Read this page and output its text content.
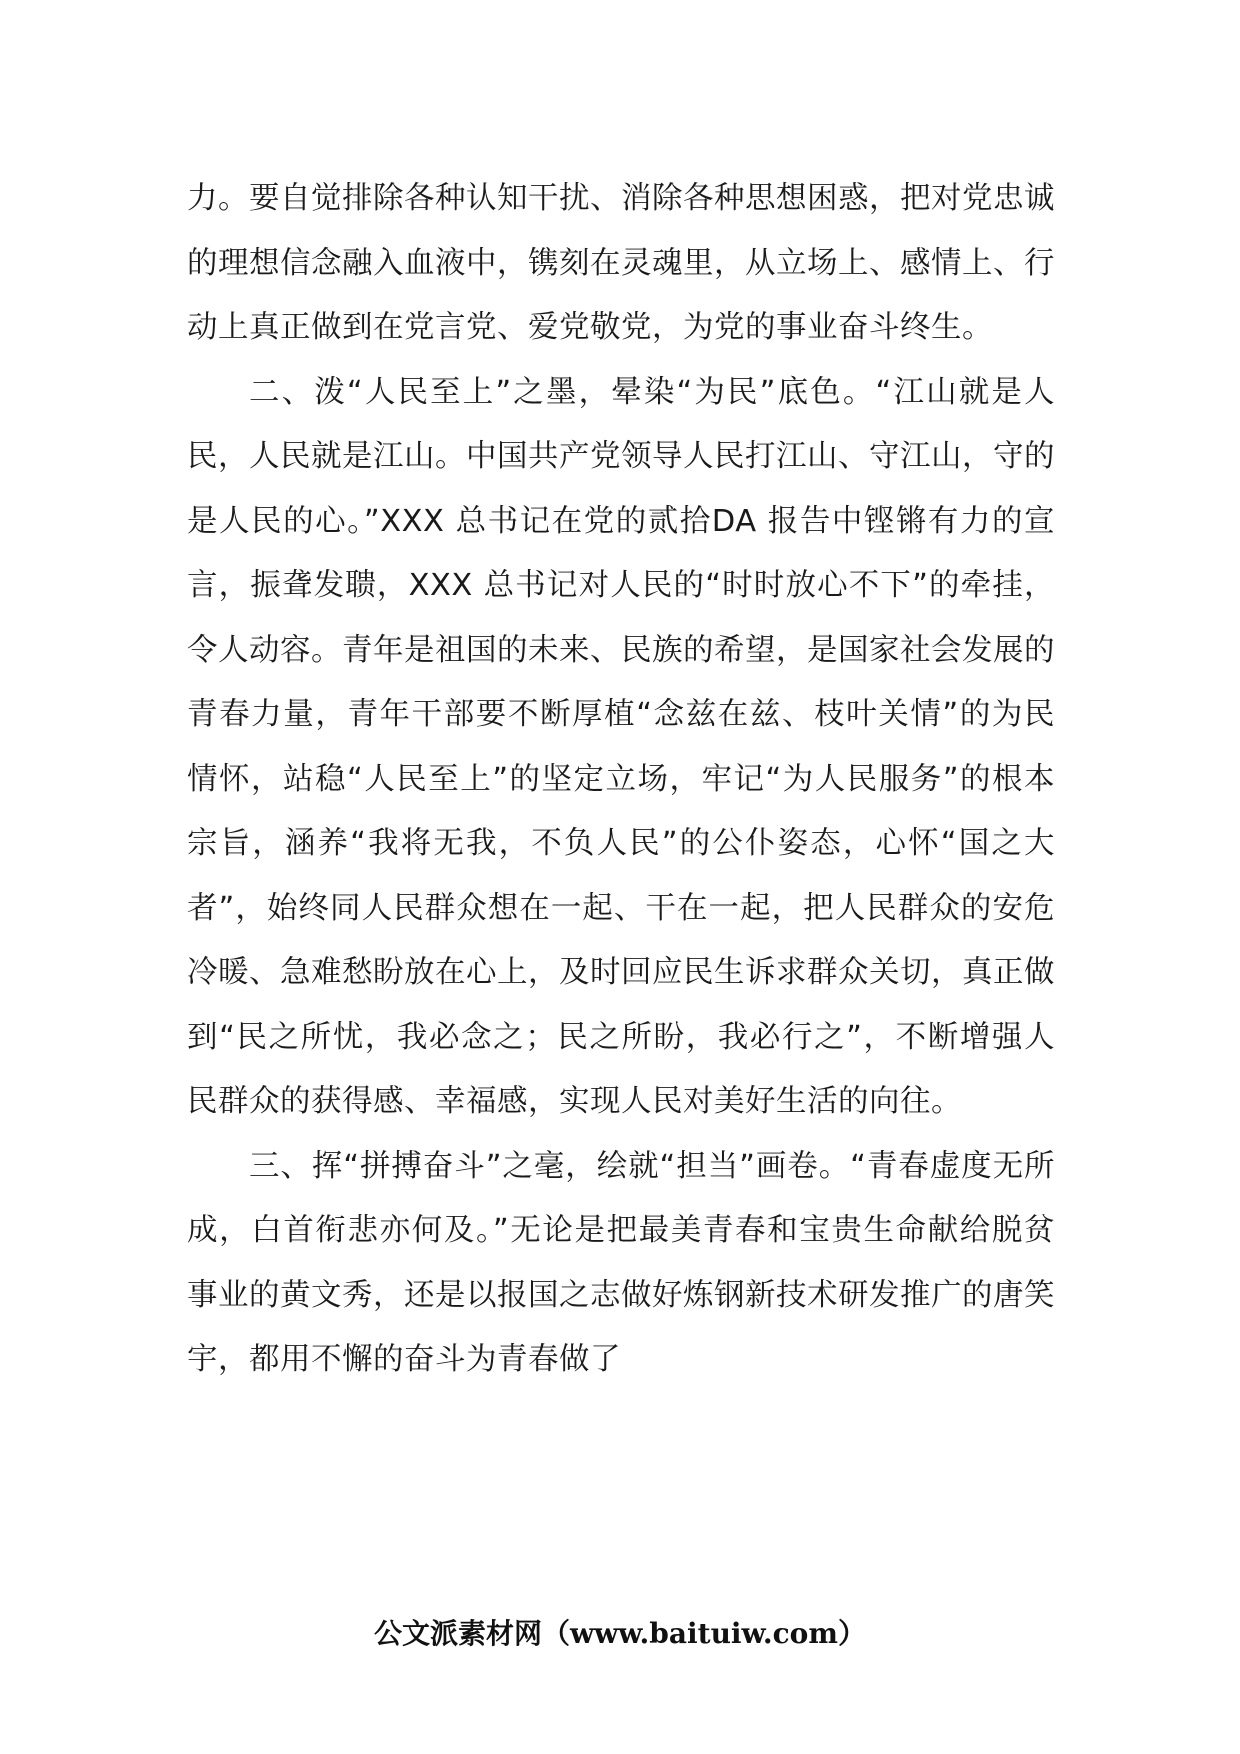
力。要自觉排除各种认知干扰、消除各种思想困惑，把对党忠诚的理想信念融入血液中，镌刻在灵魂里，从立场上、感情上、行动上真正做到在党言党、爱党敬党，为党的事业奋斗终生。

二、泼“人民至上”之墨，晕染“为民”底色。“江山就是人民，人民就是江山。中国共产党领导人民打江山、守江山，守的是人民的心。”XXX 总书记在党的贰拾DA 报告中铿锵有力的宣言，振聋发聩，XXX 总书记对人民的“时时放心不下”的牵挂，令人动容。青年是祖国的未来、民族的希望，是国家社会发展的青春力量，青年干部要不断厚植“念兹在兹、枝叶关情”的为民情怀，站稳“人民至上”的坚定立场，牢记“为人民服务”的根本宗旨，涵养“我将无我，不负人民”的公仆姿态，心怀“国之大者”，始终同人民群众想在一起、干在一起，把人民群众的安危冷暖、急难愁盼放在心上，及时回应民生诉求群众关切，真正做到“民之所忧，我必念之；民之所盼，我必行之”，不断增强人民群众的获得感、幸福感，实现人民对美好生活的向往。

三、挥“拼搏奋斗”之毫，绘就“担当”画卷。“青春虚度无所成，白首衔悲亦何及。”无论是把最美青春和宝贵生命献给脱贫事业的黄文秀，还是以报国之志做好炼钢新技术研发推广的唐笑宇，都用不懈的奋斗为青春做了

公文派素材网（www.baituiw.com）
